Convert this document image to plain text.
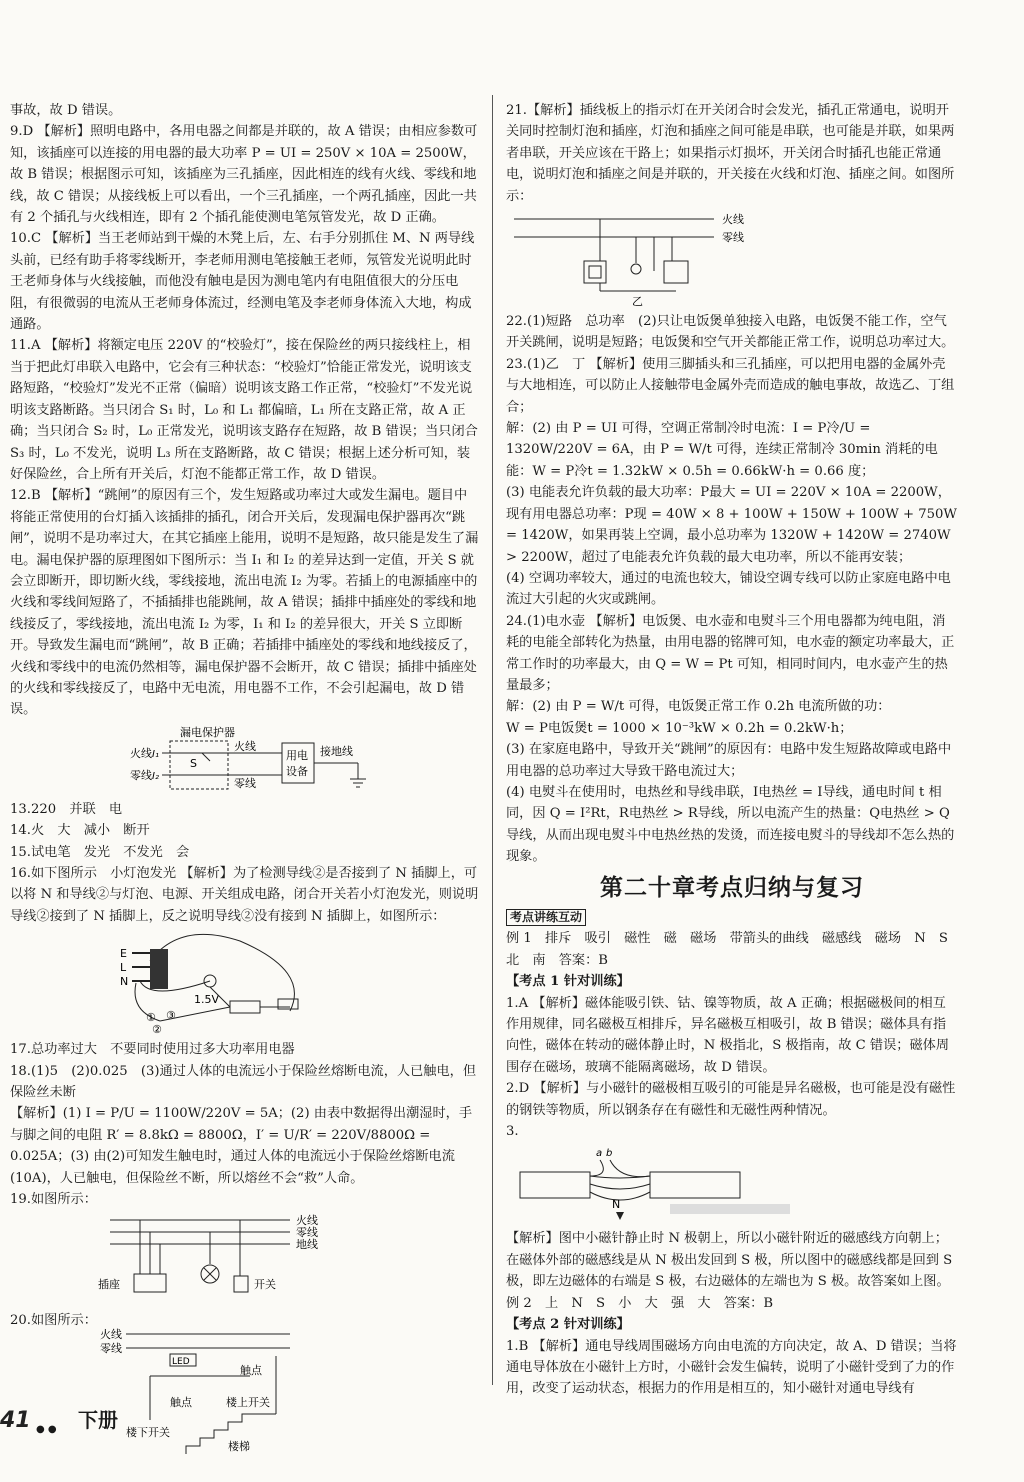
事故，故 D 错误。

9.D 【解析】照明电路中，各用电器之间都是并联的，故 A 错误；由相应参数可知，该插座可以连接的用电器的最大功率 P = UI = 250V × 10A = 2500W，故 B 错误；根据图示可知，该插座为三孔插座，因此相连的线有火线、零线和地线，故 C 错误；从接线板上可以看出，一个三孔插座，一个两孔插座，因此一共有 2 个插孔与火线相连，即有 2 个插孔能使测电笔氖管发光，故 D 正确。

10.C 【解析】当王老师站到干燥的木凳上后，左、右手分别抓住 M、N 两导线头前，已经有助手将零线断开，李老师用测电笔接触王老师，氖管发光说明此时王老师身体与火线接触，而他没有触电是因为测电笔内有电阻值很大的分压电阻，有很微弱的电流从王老师身体流过，经测电笔及李老师身体流入大地，构成通路。

11.A 【解析】将额定电压 220V 的“校验灯”，接在保险丝的两只接线柱上，相当于把此灯串联入电路中，它会有三种状态：“校验灯”恰能正常发光，说明该支路短路，“校验灯”发光不正常（偏暗）说明该支路工作正常，“校验灯”不发光说明该支路断路。当只闭合 S₁ 时，L₀ 和 L₁ 都偏暗，L₁ 所在支路正常，故 A 正确；当只闭合 S₂ 时，L₀ 正常发光，说明该支路存在短路，故 B 错误；当只闭合 S₃ 时，L₀ 不发光，说明 L₃ 所在支路断路，故 C 错误；根据上述分析可知，装好保险丝，合上所有开关后，灯泡不能都正常工作，故 D 错误。

12.B 【解析】“跳闸”的原因有三个，发生短路或功率过大或发生漏电。题目中将能正常使用的台灯插入该插排的插孔，闭合开关后，发现漏电保护器再次“跳闸”，说明不是功率过大，在其它插座上能用，说明不是短路，故只能是发生了漏电。漏电保护器的原理图如下图所示：当 I₁ 和 I₂ 的差异达到一定值，开关 S 就会立即断开，即切断火线，零线接地，流出电流 I₂ 为零。若插上的电源插座中的火线和零线间短路了，不插插排也能跳闸，故 A 错误；插排中插座处的零线和地线接反了，零线接地，流出电流 I₂ 为零，I₁ 和 I₂ 的差异很大，开关 S 立即断开。导致发生漏电而“跳闸”，故 B 正确；若插排中插座处的零线和地线接反了，火线和零线中的电流仍然相等，漏电保护器不会断开，故 C 错误；插排中插座处的火线和零线接反了，电路中无电流，用电器不工作，不会引起漏电，故 D 错误。

漏电保护器
火线 I₁
零线 I₂
S
火线
零线
用电
设备
接地线

13.220　并联　电

14.火　大　减小　断开

15.试电笔　发光　不发光　会

16.如下图所示　小灯泡发光 【解析】为了检测导线②是否接到了 N 插脚上，可以将 N 和导线②与灯泡、电源、开关组成电路，闭合开关若小灯泡发光，则说明导线②接到了 N 插脚上，反之说明导线②没有接到 N 插脚上，如图所示：

E
L
N
1.5V
① ③
②

17.总功率过大　不要同时使用过多大功率用电器

18.(1)5　(2)0.025　(3)通过人体的电流远小于保险丝熔断电流，人已触电，但保险丝未断

【解析】(1) I = P/U = 1100W/220V = 5A；(2) 由表中数据得出潮湿时，手与脚之间的电阻 R′ = 8.8kΩ = 8800Ω，I′ = U/R′ = 220V/8800Ω = 0.025A；(3) 由(2)可知发生触电时，通过人体的电流远小于保险丝熔断电流(10A)，人已触电，但保险丝不断，所以熔丝不会“救”人命。

19.如图所示：

火线
零线
地线
插座	开关

20.如图所示：

火线
零线
LED
触点
触点	楼上开关
楼下开关
楼梯

21.【解析】插线板上的指示灯在开关闭合时会发光，插孔正常通电，说明开关同时控制灯泡和插座，灯泡和插座之间可能是串联，也可能是并联，如果两者串联，开关应该在干路上；如果指示灯损坏，开关闭合时插孔也能正常通电，说明灯泡和插座之间是并联的，开关接在火线和灯泡、插座之间。如图所示：

火线
零线
乙

22.(1)短路　总功率　(2)只让电饭煲单独接入电路，电饭煲不能工作，空气开关跳闸，说明是短路；电饭煲和空气开关都能正常工作，说明总功率过大。

23.(1)乙　丁 【解析】使用三脚插头和三孔插座，可以把用电器的金属外壳与大地相连，可以防止人接触带电金属外壳而造成的触电事故，故选乙、丁组合；

解：(2) 由 P = UI 可得，空调正常制冷时电流：I = P冷/U = 1320W/220V = 6A，由 P = W/t 可得，连续正常制冷 30min 消耗的电能：W = P冷t = 1.32kW × 0.5h = 0.66kW·h = 0.66 度；

(3) 电能表允许负载的最大功率：P最大 = UI = 220V × 10A = 2200W，现有用电器总功率：P现 = 40W × 8 + 100W + 150W + 100W + 750W = 1420W，如果再装上空调，最小总功率为 1320W + 1420W = 2740W > 2200W，超过了电能表允许负载的最大电功率，所以不能再安装；

(4) 空调功率较大，通过的电流也较大，铺设空调专线可以防止家庭电路中电流过大引起的火灾或跳闸。

24.(1)电水壶 【解析】电饭煲、电水壶和电熨斗三个用电器都为纯电阻，消耗的电能全部转化为热量，由用电器的铭牌可知，电水壶的额定功率最大，正常工作时的功率最大，由 Q = W = Pt 可知，相同时间内，电水壶产生的热量最多；

解：(2) 由 P = W/t 可得，电饭煲正常工作 0.2h 电流所做的功：

W = P电饭煲t = 1000 × 10⁻³kW × 0.2h = 0.2kW·h；

(3) 在家庭电路中，导致开关“跳闸”的原因有：电路中发生短路故障或电路中用电器的总功率过大导致干路电流过大；

(4) 电熨斗在使用时，电热丝和导线串联，I电热丝 = I导线，通电时间 t 相同，因 Q = I²Rt，R电热丝 > R导线，所以电流产生的热量：Q电热丝 > Q导线，从而出现电熨斗中电热丝热的发烫，而连接电熨斗的导线却不怎么热的现象。

第二十章考点归纳与复习

考点讲练互动

例 1　排斥　吸引　磁性　磁　磁场　带箭头的曲线　磁感线　磁场　N　S　北　南　答案：B

【考点 1 针对训练】

1.A 【解析】磁体能吸引铁、钴、镍等物质，故 A 正确；根据磁极间的相互作用规律，同名磁极互相排斥，异名磁极互相吸引，故 B 错误；磁体具有指向性，磁体在转动的磁体静止时，N 极指北，S 极指南，故 C 错误；磁体周围存在磁场，玻璃不能隔离磁场，故 D 错误。

2.D 【解析】与小磁针的磁极相互吸引的可能是异名磁极，也可能是没有磁性的钢铁等物质，所以钢条存在有磁性和无磁性两种情况。

3.

a b
N

【解析】图中小磁针静止时 N 极朝上，所以小磁针附近的磁感线方向朝上；在磁体外部的磁感线是从 N 极出发回到 S 极，所以图中的磁感线都是回到 S 极，即左边磁体的右端是 S 极，右边磁体的左端也为 S 极。故答案如上图。

例 2　上　N　S　小　大　强　大　答案：B

【考点 2 针对训练】

1.B 【解析】通电导线周围磁场方向由电流的方向决定，故 A、D 错误；当将通电导体放在小磁针上方时，小磁针会发生偏转，说明了小磁针受到了力的作用，改变了运动状态，根据力的作用是相互的，知小磁针对通电导线有

41 ● ● 下册
